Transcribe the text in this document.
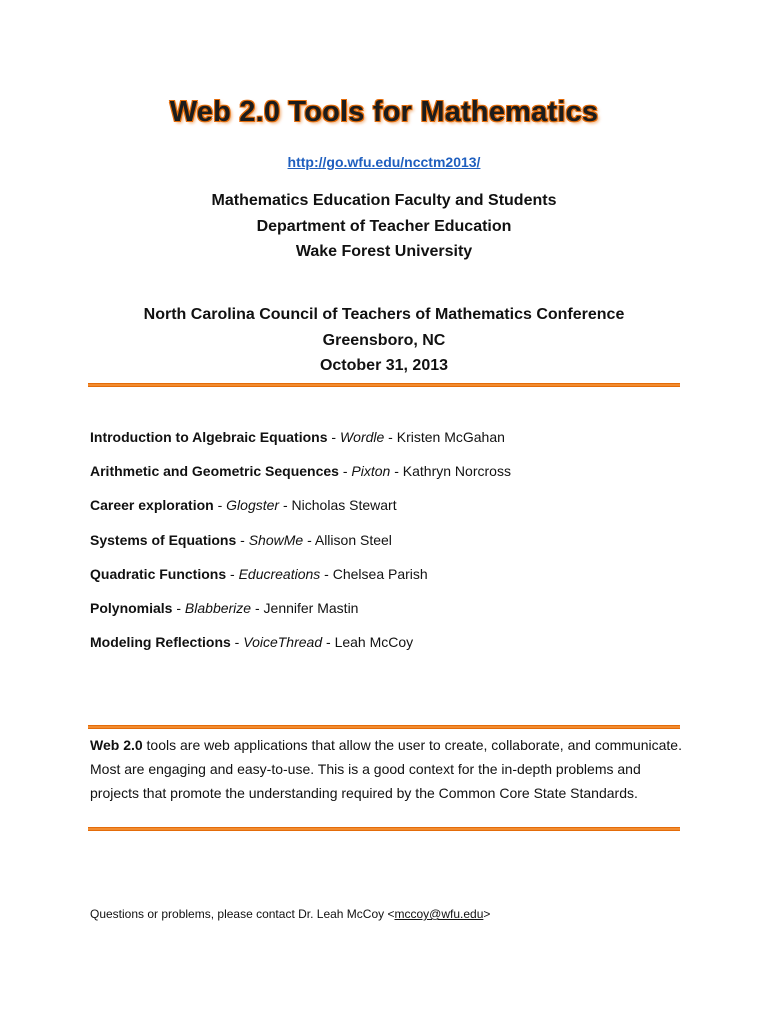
Web 2.0 Tools for Mathematics
http://go.wfu.edu/ncctm2013/
Mathematics Education Faculty and Students
Department of Teacher Education
Wake Forest University
North Carolina Council of Teachers of Mathematics Conference
Greensboro, NC
October 31, 2013
Introduction to Algebraic Equations - Wordle - Kristen McGahan
Arithmetic and Geometric Sequences - Pixton - Kathryn Norcross
Career exploration - Glogster - Nicholas Stewart
Systems of Equations - ShowMe - Allison Steel
Quadratic Functions - Educreations - Chelsea Parish
Polynomials - Blabberize - Jennifer Mastin
Modeling Reflections - VoiceThread - Leah McCoy
Web 2.0 tools are web applications that allow the user to create, collaborate, and communicate. Most are engaging and easy-to-use. This is a good context for the in-depth problems and projects that promote the understanding required by the Common Core State Standards.
Questions or problems, please contact Dr. Leah McCoy <mccoy@wfu.edu>
